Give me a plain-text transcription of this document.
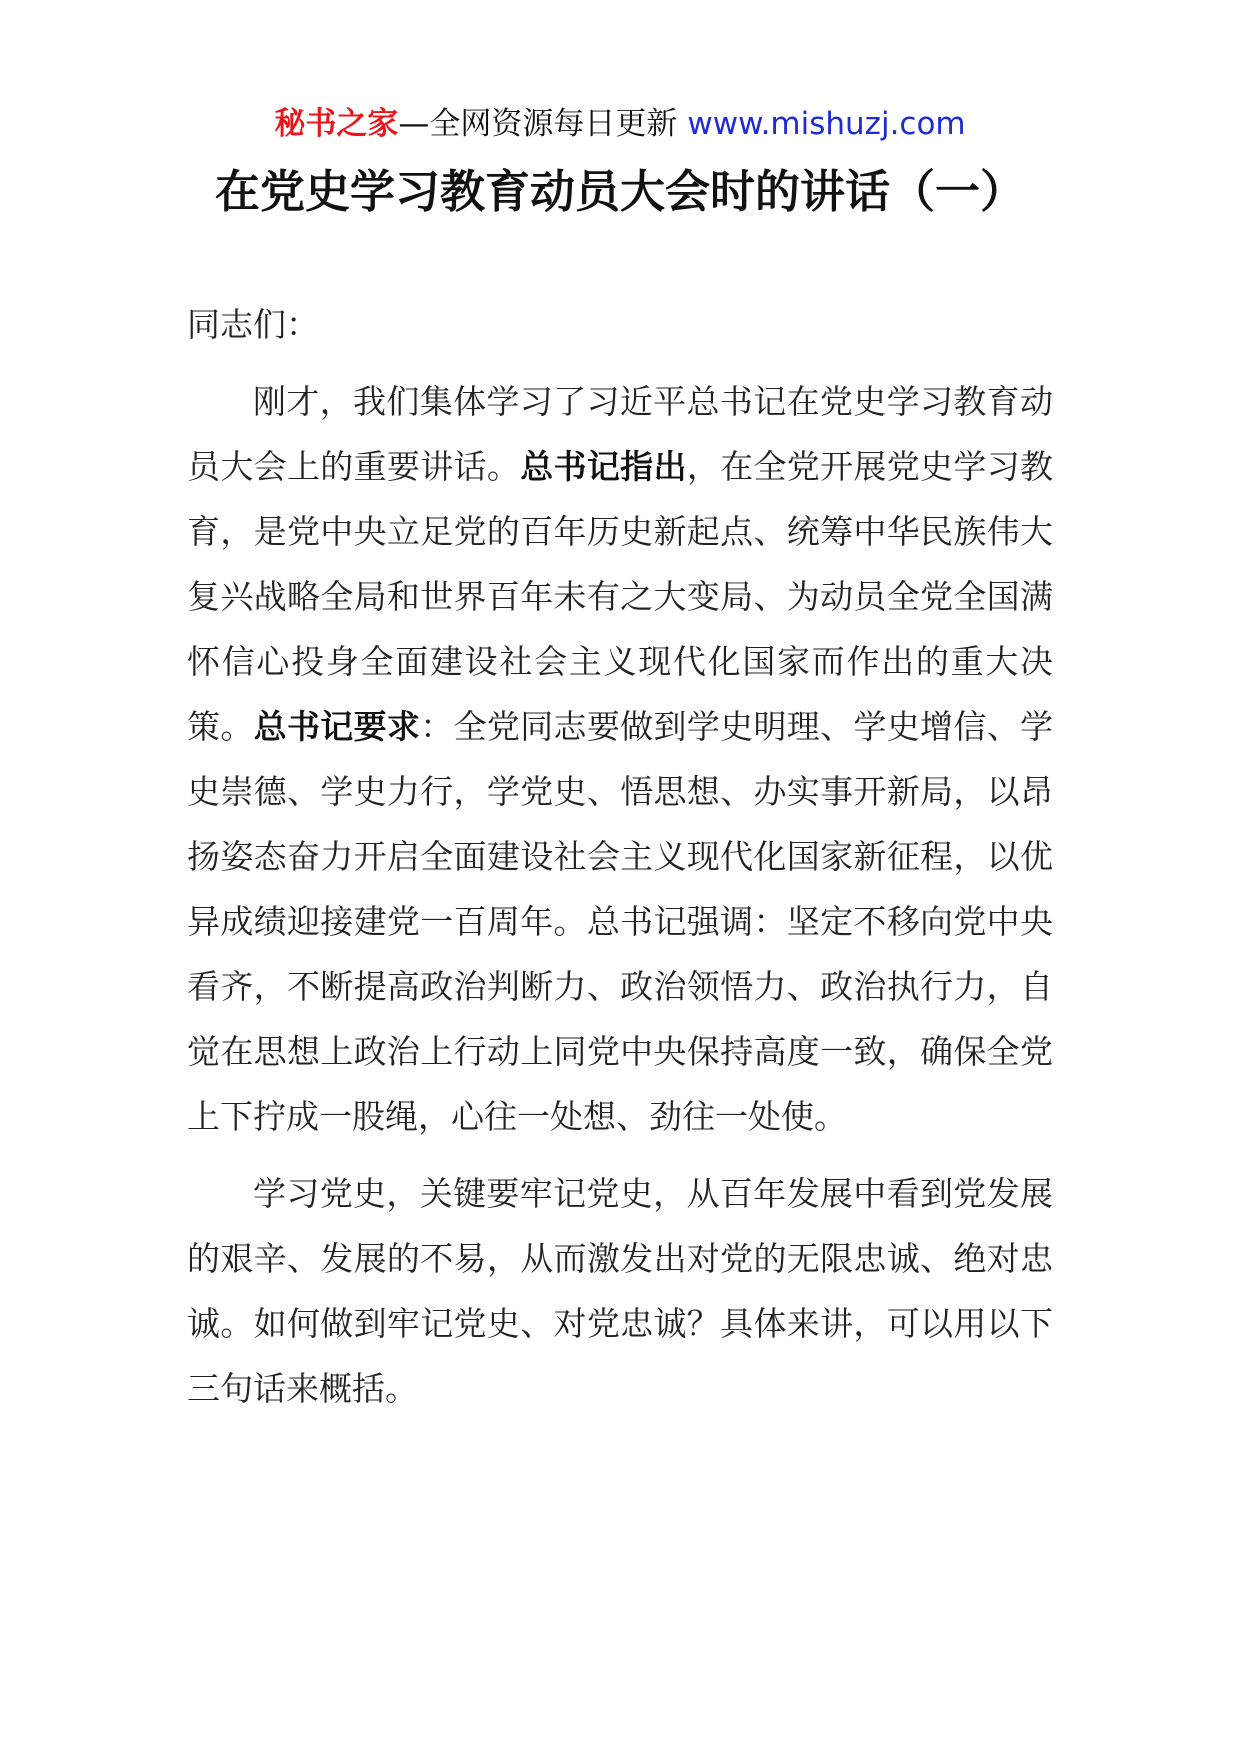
秘书之家—全网资源每日更新 www.mishuzj.com
在党史学习教育动员大会时的讲话（一）

同志们：

刚才，我们集体学习了习近平总书记在党史学习教育动员大会上的重要讲话。总书记指出，在全党开展党史学习教育，是党中央立足党的百年历史新起点、统筹中华民族伟大复兴战略全局和世界百年未有之大变局、为动员全党全国满怀信心投身全面建设社会主义现代化国家而作出的重大决策。总书记要求：全党同志要做到学史明理、学史增信、学史崇德、学史力行，学党史、悟思想、办实事开新局，以昂扬姿态奋力开启全面建设社会主义现代化国家新征程，以优异成绩迎接建党一百周年。总书记强调：坚定不移向党中央看齐，不断提高政治判断力、政治领悟力、政治执行力，自觉在思想上政治上行动上同党中央保持高度一致，确保全党上下拧成一股绳，心往一处想、劲往一处使。

学习党史，关键要牢记党史，从百年发展中看到党发展的艰辛、发展的不易，从而激发出对党的无限忠诚、绝对忠诚。如何做到牢记党史、对党忠诚？具体来讲，可以用以下三句话来概括。
